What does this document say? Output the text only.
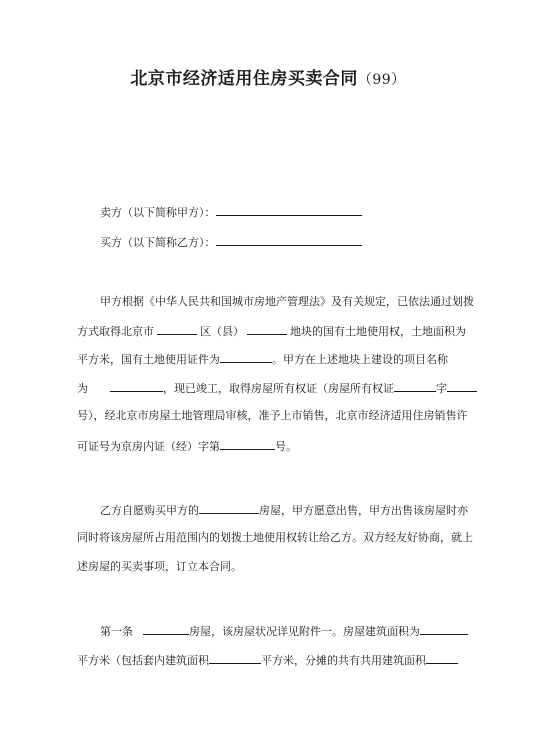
北京市经济适用住房买卖合同（99）
卖方（以下简称甲方）：
买方（以下简称乙方）：
甲方根据《中华人民共和国城市房地产管理法》及有关规定，已依法通过划拨
方式取得北京市	区（县）	地块的国有土地使用权，土地面积为
平方米，国有土地使用证件为	。甲方在上述地块上建设的项目名称
为	，现已竣工，取得房屋所有权证（房屋所有权证	字
号），经北京市房屋土地管理局审核，准予上市销售，北京市经济适用住房销售许
可证号为京房内证（经）字第	号。
乙方自愿购买甲方的	房屋，甲方愿意出售，甲方出售该房屋时亦
同时将该房屋所占用范围内的划拨土地使用权转让给乙方。双方经友好协商，就上
述房屋的买卖事项，订立本合同。
第一条	房屋，该房屋状况详见附件一。房屋建筑面积为
平方米（包括套内建筑面积	平方米，分摊的共有共用建筑面积
